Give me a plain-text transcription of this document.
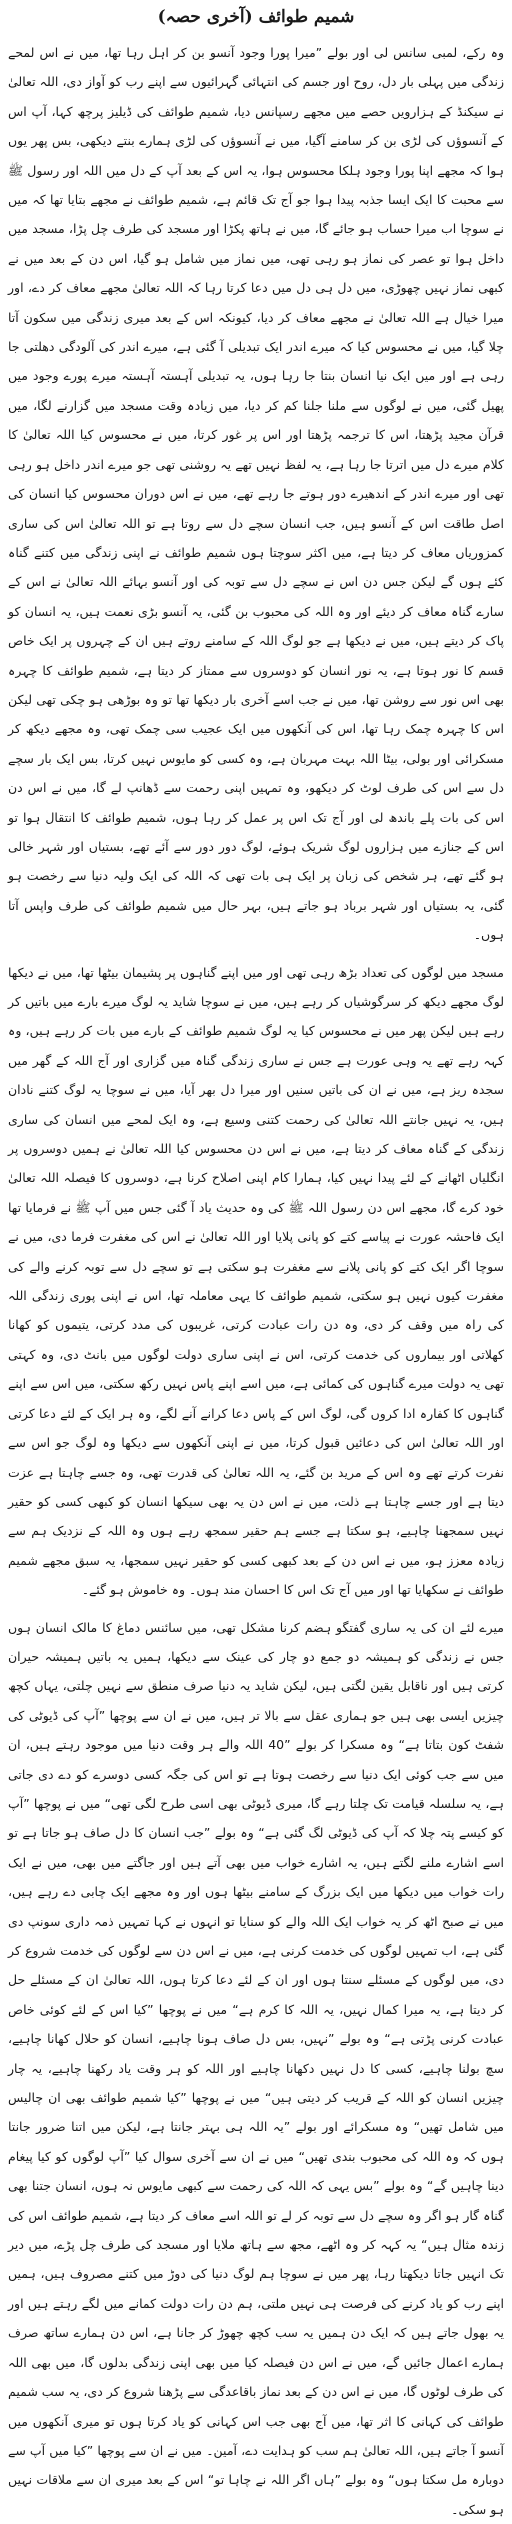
شمیم طوائف (آخری حصہ)

وہ رکے، لمبی سانس لی اور بولے ”میرا پورا وجود آنسو بن کر اہل رہا تھا، میں نے اس لمحے زندگی میں پہلی بار دل، روح اور جسم کی انتہائی گہرائیوں سے اپنے رب کو آواز دی، اللہ تعالیٰ نے سیکنڈ کے ہزارویں حصے میں مجھے رسپانس دیا، شمیم طوائف کی ڈیلیز پرچھ کہا، آپ اس کے آنسوؤں کی لڑی بن کر سامنے آگیا، میں نے آنسوؤں کی لڑی ہمارے بنتے دیکھی، بس پھر یوں ہوا کہ مجھے اپنا پورا وجود ہلکا محسوس ہوا، یہ اس کے بعد آپ کے دل میں اللہ اور رسول ﷺ سے محبت کا ایک ایسا جذبہ پیدا ہوا جو آج تک قائم ہے، شمیم طوائف نے مجھے بتایا تھا کہ میں نے سوچا اب میرا حساب ہو جائے گا، میں نے ہاتھ پکڑا اور مسجد کی طرف چل پڑا، مسجد میں داخل ہوا تو عصر کی نماز ہو رہی تھی، میں نماز میں شامل ہو گیا، اس دن کے بعد میں نے کبھی نماز نہیں چھوڑی، میں دل ہی دل میں دعا کرتا رہا کہ اللہ تعالیٰ مجھے معاف کر دے، اور میرا خیال ہے اللہ تعالیٰ نے مجھے معاف کر دیا، کیونکہ اس کے بعد میری زندگی میں سکون آتا چلا گیا، میں نے محسوس کیا کہ میرے اندر ایک تبدیلی آ گئی ہے، میرے اندر کی آلودگی دھلتی جا رہی ہے اور میں ایک نیا انسان بنتا جا رہا ہوں، یہ تبدیلی آہستہ آہستہ میرے پورے وجود میں پھیل گئی، میں نے لوگوں سے ملنا جلنا کم کر دیا، میں زیادہ وقت مسجد میں گزارنے لگا، میں قرآن مجید پڑھتا، اس کا ترجمہ پڑھتا اور اس پر غور کرتا، میں نے محسوس کیا اللہ تعالیٰ کا کلام میرے دل میں اترتا جا رہا ہے، یہ لفظ نہیں تھے یہ روشنی تھی جو میرے اندر داخل ہو رہی تھی اور میرے اندر کے اندھیرے دور ہوتے جا رہے تھے، میں نے اس دوران محسوس کیا انسان کی اصل طاقت اس کے آنسو ہیں، جب انسان سچے دل سے روتا ہے تو اللہ تعالیٰ اس کی ساری کمزوریاں معاف کر دیتا ہے، میں اکثر سوچتا ہوں شمیم طوائف نے اپنی زندگی میں کتنے گناہ کئے ہوں گے لیکن جس دن اس نے سچے دل سے توبہ کی اور آنسو بہائے اللہ تعالیٰ نے اس کے سارے گناہ معاف کر دیئے اور وہ اللہ کی محبوب بن گئی، یہ آنسو بڑی نعمت ہیں، یہ انسان کو پاک کر دیتے ہیں، میں نے دیکھا ہے جو لوگ اللہ کے سامنے روتے ہیں ان کے چہروں پر ایک خاص قسم کا نور ہوتا ہے، یہ نور انسان کو دوسروں سے ممتاز کر دیتا ہے، شمیم طوائف کا چہرہ بھی اس نور سے روشن تھا، میں نے جب اسے آخری بار دیکھا تھا تو وہ بوڑھی ہو چکی تھی لیکن اس کا چہرہ چمک رہا تھا، اس کی آنکھوں میں ایک عجیب سی چمک تھی، وہ مجھے دیکھ کر مسکرائی اور بولی، بیٹا اللہ بہت مہربان ہے، وہ کسی کو مایوس نہیں کرتا، بس ایک بار سچے دل سے اس کی طرف لوٹ کر دیکھو، وہ تمہیں اپنی رحمت سے ڈھانپ لے گا، میں نے اس دن اس کی بات پلے باندھ لی اور آج تک اس پر عمل کر رہا ہوں، شمیم طوائف کا انتقال ہوا تو اس کے جنازے میں ہزاروں لوگ شریک ہوئے، لوگ دور دور سے آئے تھے، بستیاں اور شہر خالی ہو گئے تھے، ہر شخص کی زبان پر ایک ہی بات تھی کہ اللہ کی ایک ولیہ دنیا سے رخصت ہو گئی، یہ بستیاں اور شہر برباد ہو جاتے ہیں، بہر حال میں شمیم طوائف کی طرف واپس آتا ہوں۔

مسجد میں لوگوں کی تعداد بڑھ رہی تھی اور میں اپنے گناہوں پر پشیمان بیٹھا تھا، میں نے دیکھا لوگ مجھے دیکھ کر سرگوشیاں کر رہے ہیں، میں نے سوچا شاید یہ لوگ میرے بارے میں باتیں کر رہے ہیں لیکن پھر میں نے محسوس کیا یہ لوگ شمیم طوائف کے بارے میں بات کر رہے ہیں، وہ کہہ رہے تھے یہ وہی عورت ہے جس نے ساری زندگی گناہ میں گزاری اور آج اللہ کے گھر میں سجدہ ریز ہے، میں نے ان کی باتیں سنیں اور میرا دل بھر آیا، میں نے سوچا یہ لوگ کتنے نادان ہیں، یہ نہیں جانتے اللہ تعالیٰ کی رحمت کتنی وسیع ہے، وہ ایک لمحے میں انسان کی ساری زندگی کے گناہ معاف کر دیتا ہے، میں نے اس دن محسوس کیا اللہ تعالیٰ نے ہمیں دوسروں پر انگلیاں اٹھانے کے لئے پیدا نہیں کیا، ہمارا کام اپنی اصلاح کرنا ہے، دوسروں کا فیصلہ اللہ تعالیٰ خود کرے گا، مجھے اس دن رسول اللہ ﷺ کی وہ حدیث یاد آ گئی جس میں آپ ﷺ نے فرمایا تھا ایک فاحشہ عورت نے پیاسے کتے کو پانی پلایا اور اللہ تعالیٰ نے اس کی مغفرت فرما دی، میں نے سوچا اگر ایک کتے کو پانی پلانے سے مغفرت ہو سکتی ہے تو سچے دل سے توبہ کرنے والے کی مغفرت کیوں نہیں ہو سکتی، شمیم طوائف کا یہی معاملہ تھا، اس نے اپنی پوری زندگی اللہ کی راہ میں وقف کر دی، وہ دن رات عبادت کرتی، غریبوں کی مدد کرتی، یتیموں کو کھانا کھلاتی اور بیماروں کی خدمت کرتی، اس نے اپنی ساری دولت لوگوں میں بانٹ دی، وہ کہتی تھی یہ دولت میرے گناہوں کی کمائی ہے، میں اسے اپنے پاس نہیں رکھ سکتی، میں اس سے اپنے گناہوں کا کفارہ ادا کروں گی، لوگ اس کے پاس دعا کرانے آنے لگے، وہ ہر ایک کے لئے دعا کرتی اور اللہ تعالیٰ اس کی دعائیں قبول کرتا، میں نے اپنی آنکھوں سے دیکھا وہ لوگ جو اس سے نفرت کرتے تھے وہ اس کے مرید بن گئے، یہ اللہ تعالیٰ کی قدرت تھی، وہ جسے چاہتا ہے عزت دیتا ہے اور جسے چاہتا ہے ذلت، میں نے اس دن یہ بھی سیکھا انسان کو کبھی کسی کو حقیر نہیں سمجھنا چاہیے، ہو سکتا ہے جسے ہم حقیر سمجھ رہے ہوں وہ اللہ کے نزدیک ہم سے زیادہ معزز ہو، میں نے اس دن کے بعد کبھی کسی کو حقیر نہیں سمجھا، یہ سبق مجھے شمیم طوائف نے سکھایا تھا اور میں آج تک اس کا احسان مند ہوں۔ وہ خاموش ہو گئے۔

میرے لئے ان کی یہ ساری گفتگو ہضم کرنا مشکل تھی، میں سائنس دماغ کا مالک انسان ہوں جس نے زندگی کو ہمیشہ دو جمع دو چار کی عینک سے دیکھا، ہمیں یہ باتیں ہمیشہ حیران کرتی ہیں اور ناقابل یقین لگتی ہیں، لیکن شاید یہ دنیا صرف منطق سے نہیں چلتی، یہاں کچھ چیزیں ایسی بھی ہیں جو ہماری عقل سے بالا تر ہیں، میں نے ان سے پوچھا ”آپ کی ڈیوٹی کی شفٹ کون بتاتا ہے“ وہ مسکرا کر بولے ”40 اللہ والے ہر وقت دنیا میں موجود رہتے ہیں، ان میں سے جب کوئی ایک دنیا سے رخصت ہوتا ہے تو اس کی جگہ کسی دوسرے کو دے دی جاتی ہے، یہ سلسلہ قیامت تک چلتا رہے گا، میری ڈیوٹی بھی اسی طرح لگی تھی“ میں نے پوچھا ”آپ کو کیسے پتہ چلا کہ آپ کی ڈیوٹی لگ گئی ہے“ وہ بولے ”جب انسان کا دل صاف ہو جاتا ہے تو اسے اشارے ملنے لگتے ہیں، یہ اشارے خواب میں بھی آتے ہیں اور جاگتے میں بھی، میں نے ایک رات خواب میں دیکھا میں ایک بزرگ کے سامنے بیٹھا ہوں اور وہ مجھے ایک چابی دے رہے ہیں، میں نے صبح اٹھ کر یہ خواب ایک اللہ والے کو سنایا تو انہوں نے کہا تمہیں ذمہ داری سونپ دی گئی ہے، اب تمہیں لوگوں کی خدمت کرنی ہے، میں نے اس دن سے لوگوں کی خدمت شروع کر دی، میں لوگوں کے مسئلے سنتا ہوں اور ان کے لئے دعا کرتا ہوں، اللہ تعالیٰ ان کے مسئلے حل کر دیتا ہے، یہ میرا کمال نہیں، یہ اللہ کا کرم ہے“ میں نے پوچھا ”کیا اس کے لئے کوئی خاص عبادت کرنی پڑتی ہے“ وہ بولے ”نہیں، بس دل صاف ہونا چاہیے، انسان کو حلال کھانا چاہیے، سچ بولنا چاہیے، کسی کا دل نہیں دکھانا چاہیے اور اللہ کو ہر وقت یاد رکھنا چاہیے، یہ چار چیزیں انسان کو اللہ کے قریب کر دیتی ہیں“ میں نے پوچھا ”کیا شمیم طوائف بھی ان چالیس میں شامل تھیں“ وہ مسکرائے اور بولے ”یہ اللہ ہی بہتر جانتا ہے، لیکن میں اتنا ضرور جانتا ہوں کہ وہ اللہ کی محبوب بندی تھیں“ میں نے ان سے آخری سوال کیا ”آپ لوگوں کو کیا پیغام دینا چاہیں گے“ وہ بولے ”بس یہی کہ اللہ کی رحمت سے کبھی مایوس نہ ہوں، انسان جتنا بھی گناہ گار ہو اگر وہ سچے دل سے توبہ کر لے تو اللہ اسے معاف کر دیتا ہے، شمیم طوائف اس کی زندہ مثال ہیں“ یہ کہہ کر وہ اٹھے، مجھ سے ہاتھ ملایا اور مسجد کی طرف چل پڑے، میں دیر تک انہیں جاتا دیکھتا رہا، پھر میں نے سوچا ہم لوگ دنیا کی دوڑ میں کتنے مصروف ہیں، ہمیں اپنے رب کو یاد کرنے کی فرصت ہی نہیں ملتی، ہم دن رات دولت کمانے میں لگے رہتے ہیں اور یہ بھول جاتے ہیں کہ ایک دن ہمیں یہ سب کچھ چھوڑ کر جانا ہے، اس دن ہمارے ساتھ صرف ہمارے اعمال جائیں گے، میں نے اس دن فیصلہ کیا میں بھی اپنی زندگی بدلوں گا، میں بھی اللہ کی طرف لوٹوں گا، میں نے اس دن کے بعد نماز باقاعدگی سے پڑھنا شروع کر دی، یہ سب شمیم طوائف کی کہانی کا اثر تھا، میں آج بھی جب اس کہانی کو یاد کرتا ہوں تو میری آنکھوں میں آنسو آ جاتے ہیں، اللہ تعالیٰ ہم سب کو ہدایت دے، آمین۔ میں نے ان سے پوچھا ”کیا میں آپ سے دوبارہ مل سکتا ہوں“ وہ بولے ”ہاں اگر اللہ نے چاہا تو“ اس کے بعد میری ان سے ملاقات نہیں ہو سکی۔
